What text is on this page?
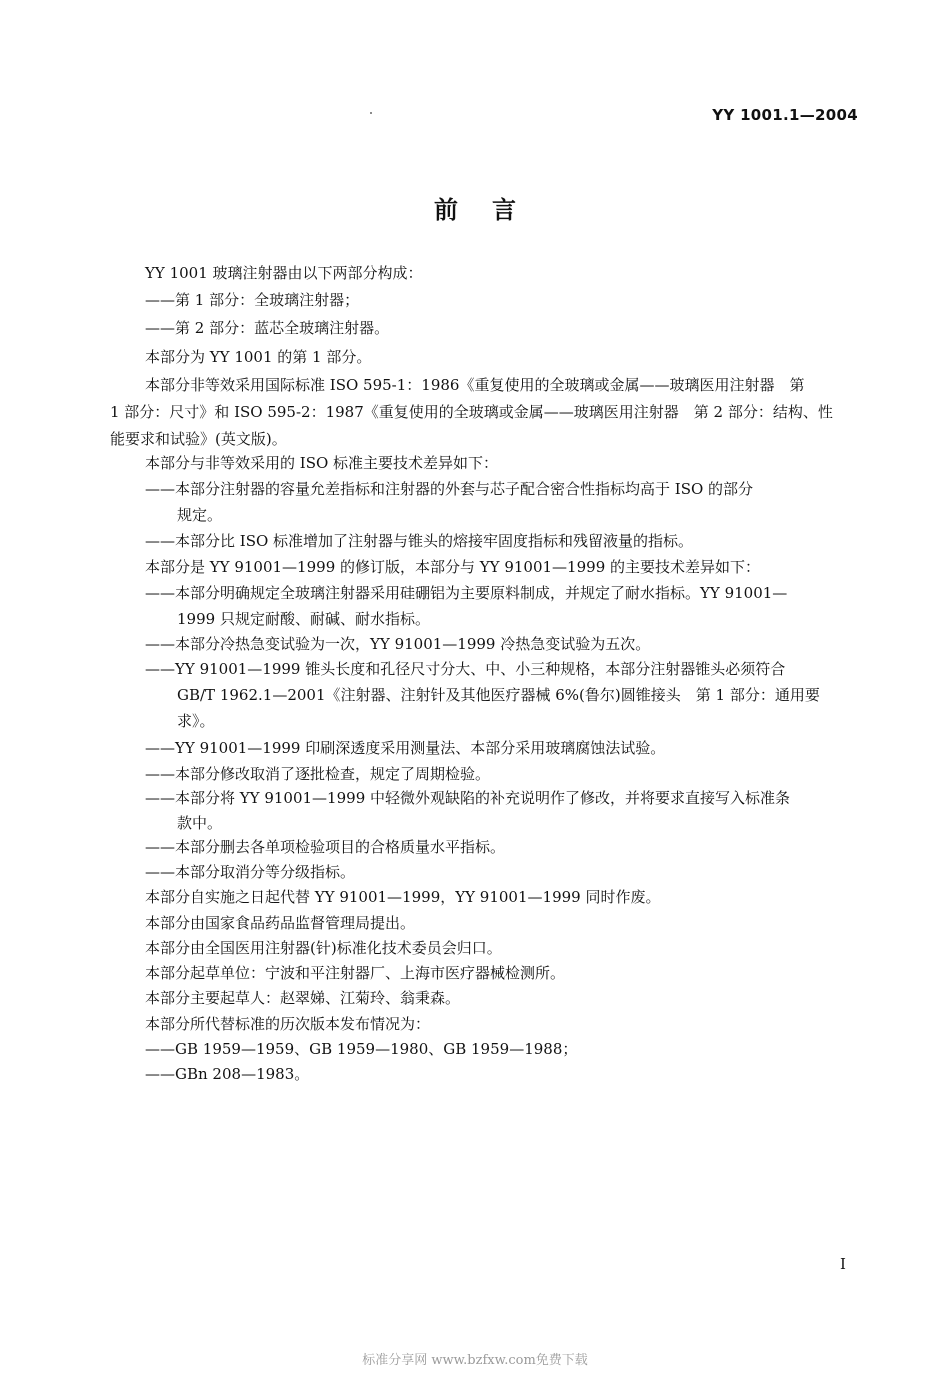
YY 1001.1—2004
前言
YY 1001 玻璃注射器由以下两部分构成：
——第 1 部分：全玻璃注射器；
——第 2 部分：蓝芯全玻璃注射器。
本部分为 YY 1001 的第 1 部分。
本部分非等效采用国际标准 ISO 595-1：1986《重复使用的全玻璃或金属——玻璃医用注射器　第
1 部分：尺寸》和 ISO 595-2：1987《重复使用的全玻璃或金属——玻璃医用注射器　第 2 部分：结构、性
能要求和试验》(英文版)。
本部分与非等效采用的 ISO 标准主要技术差异如下：
——本部分注射器的容量允差指标和注射器的外套与芯子配合密合性指标均高于 ISO 的部分
规定。
——本部分比 ISO 标准增加了注射器与锥头的熔接牢固度指标和残留液量的指标。
本部分是 YY 91001—1999 的修订版，本部分与 YY 91001—1999 的主要技术差异如下：
——本部分明确规定全玻璃注射器采用硅硼铝为主要原料制成，并规定了耐水指标。YY 91001—
1999 只规定耐酸、耐碱、耐水指标。
——本部分冷热急变试验为一次，YY 91001—1999 冷热急变试验为五次。
——YY 91001—1999 锥头长度和孔径尺寸分大、中、小三种规格，本部分注射器锥头必须符合
GB/T 1962.1—2001《注射器、注射针及其他医疗器械 6%(鲁尔)圆锥接头　第 1 部分：通用要
求》。
——YY 91001—1999 印刷深透度采用测量法、本部分采用玻璃腐蚀法试验。
——本部分修改取消了逐批检查，规定了周期检验。
——本部分将 YY 91001—1999 中轻微外观缺陷的补充说明作了修改，并将要求直接写入标准条
款中。
——本部分删去各单项检验项目的合格质量水平指标。
——本部分取消分等分级指标。
本部分自实施之日起代替 YY 91001—1999，YY 91001—1999 同时作废。
本部分由国家食品药品监督管理局提出。
本部分由全国医用注射器(针)标准化技术委员会归口。
本部分起草单位：宁波和平注射器厂、上海市医疗器械检测所。
本部分主要起草人：赵翠娣、江菊玲、翁秉森。
本部分所代替标准的历次版本发布情况为：
——GB 1959—1959、GB 1959—1980、GB 1959—1988；
——GBn 208—1983。
I
标准分享网 www.bzfxw.com免费下载
